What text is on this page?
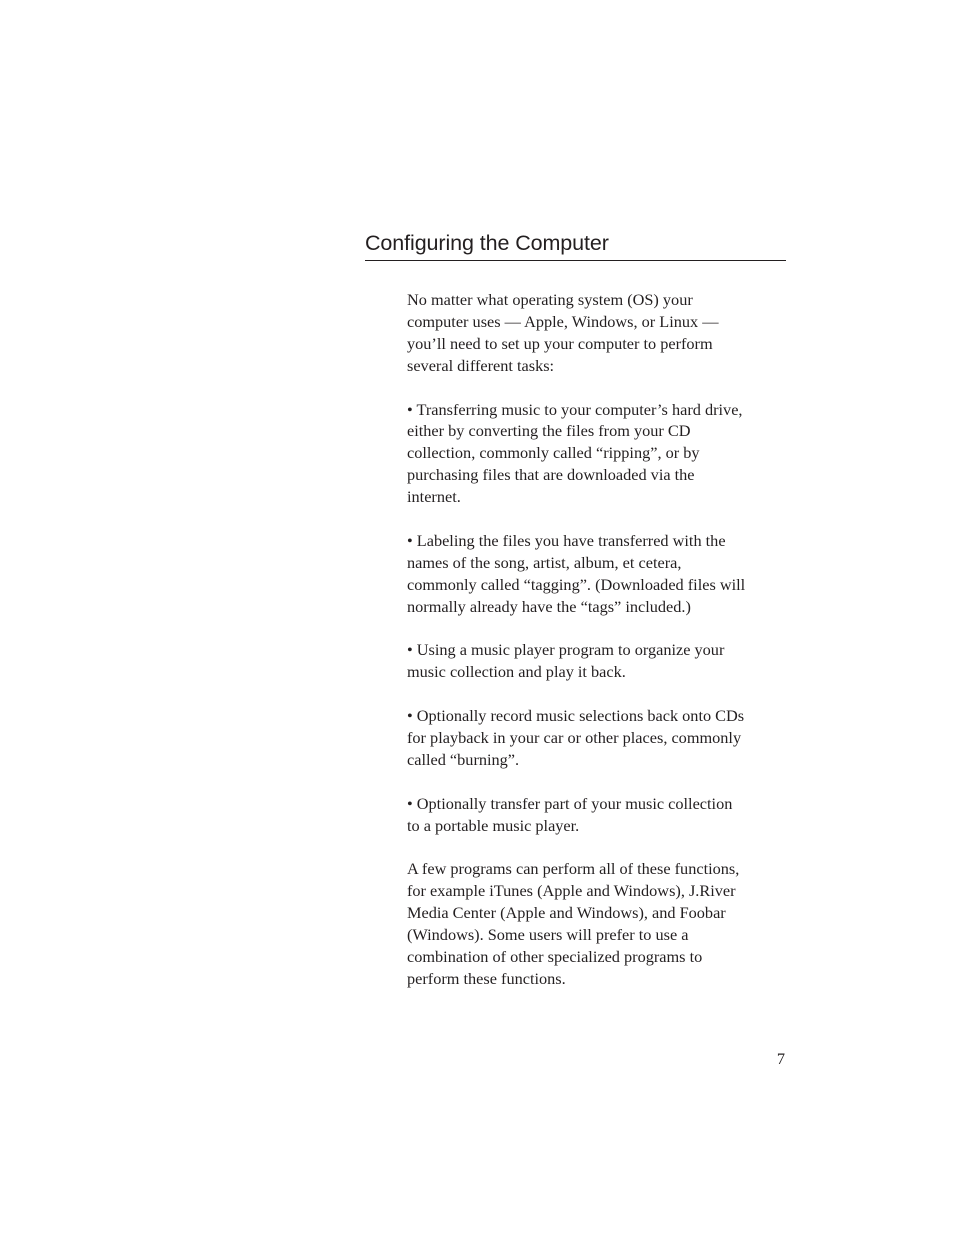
Configuring the Computer

No matter what operating system (OS) your
computer uses — Apple, Windows, or Linux —
you’ll need to set up your computer to perform
several different tasks:

• Transferring music to your computer’s hard drive,
either by converting the files from your CD
collection, commonly called “ripping”, or by
purchasing files that are downloaded via the
internet.

• Labeling the files you have transferred with the
names of the song, artist, album, et cetera,
commonly called “tagging”. (Downloaded files will
normally already have the “tags” included.)

• Using a music player program to organize your
music collection and play it back.

• Optionally record music selections back onto CDs
for playback in your car or other places, commonly
called “burning”.

• Optionally transfer part of your music collection
to a portable music player.

A few programs can perform all of these functions,
for example iTunes (Apple and Windows), J.River
Media Center (Apple and Windows), and Foobar
(Windows). Some users will prefer to use a
combination of other specialized programs to
perform these functions.

7
